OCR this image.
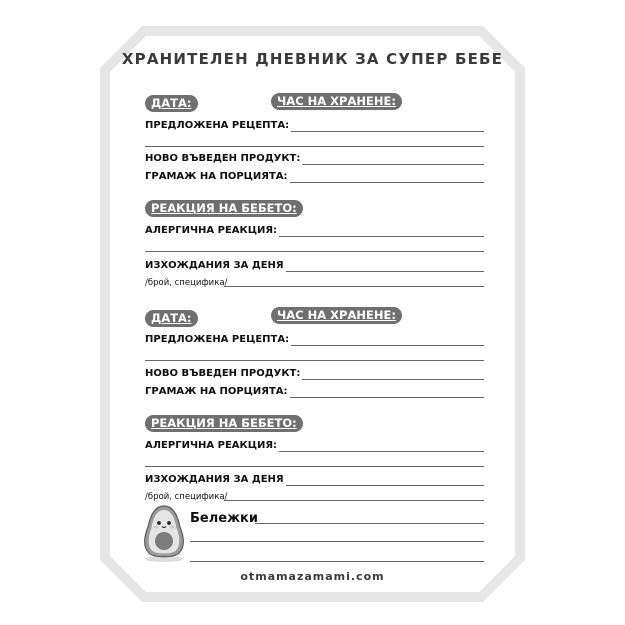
ХРАНИТЕЛЕН ДНЕВНИК ЗА СУПЕР БЕБЕ
ДАТА:	ЧАС НА ХРАНЕНЕ:
ПРЕДЛОЖЕНА РЕЦЕПТА:
НОВО ВЪВЕДЕН ПРОДУКТ:
ГРАМАЖ НА ПОРЦИЯТА:
РЕАКЦИЯ НА БЕБЕТО:
АЛЕРГИЧНА РЕАКЦИЯ:
ИЗХОЖДАНИЯ ЗА ДЕНЯ
/брой, специфика/
ДАТА:	ЧАС НА ХРАНЕНЕ:
ПРЕДЛОЖЕНА РЕЦЕПТА:
НОВО ВЪВЕДЕН ПРОДУКТ:
ГРАМАЖ НА ПОРЦИЯТА:
РЕАКЦИЯ НА БЕБЕТО:
АЛЕРГИЧНА РЕАКЦИЯ:
ИЗХОЖДАНИЯ ЗА ДЕНЯ
/брой, специфика/
Бележки
otmamazamami.com
